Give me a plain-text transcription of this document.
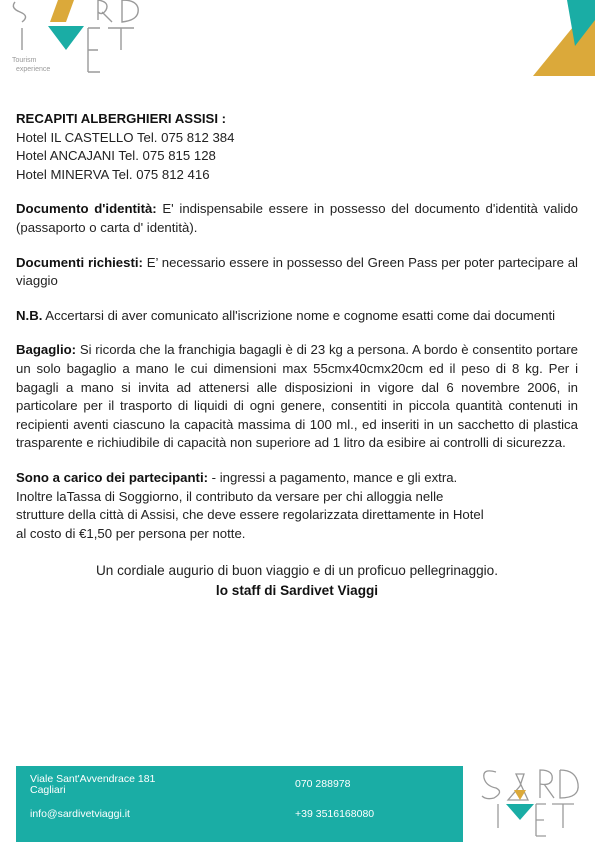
Tourism
experience
RECAPITI ALBERGHIERI ASSISI :
Hotel IL CASTELLO Tel. 075 812 384
Hotel ANCAJANI Tel. 075 815 128
Hotel MINERVA Tel. 075 812 416

Documento d'identità: E' indispensabile essere in possesso del documento d'identità valido (passaporto o carta d' identità).

Documenti richiesti: E’ necessario essere in possesso del Green Pass per poter partecipare al viaggio

N.B. Accertarsi di aver comunicato all'iscrizione nome e cognome esatti come dai documenti

Bagaglio: Si ricorda che la franchigia bagagli è di 23 kg a persona. A bordo è consentito portare un solo bagaglio a mano le cui dimensioni max 55cmx40cmx20cm ed il peso di 8 kg. Per i bagagli a mano si invita ad attenersi alle disposizioni in vigore dal 6 novembre 2006, in particolare per il trasporto di liquidi di ogni genere, consentiti in piccola quantità contenuti in recipienti aventi ciascuno la capacità massima di 100 ml., ed inseriti in un sacchetto di plastica trasparente e richiudibile di capacità non superiore ad 1 litro da esibire ai controlli di sicurezza.

Sono a carico dei partecipanti: - ingressi a pagamento, mance e gli extra.
Inoltre laTassa di Soggiorno, il contributo da versare per chi alloggia nelle
strutture della città di Assisi, che deve essere regolarizzata direttamente in Hotel
al costo di €1,50 per persona per notte.
Un cordiale augurio di buon viaggio e di un proficuo pellegrinaggio.
lo staff di Sardivet Viaggi
Viale Sant'Avvendrace 181
Cagliari
info@sardivetviaggi.it
070 288978
+39 3516168080
